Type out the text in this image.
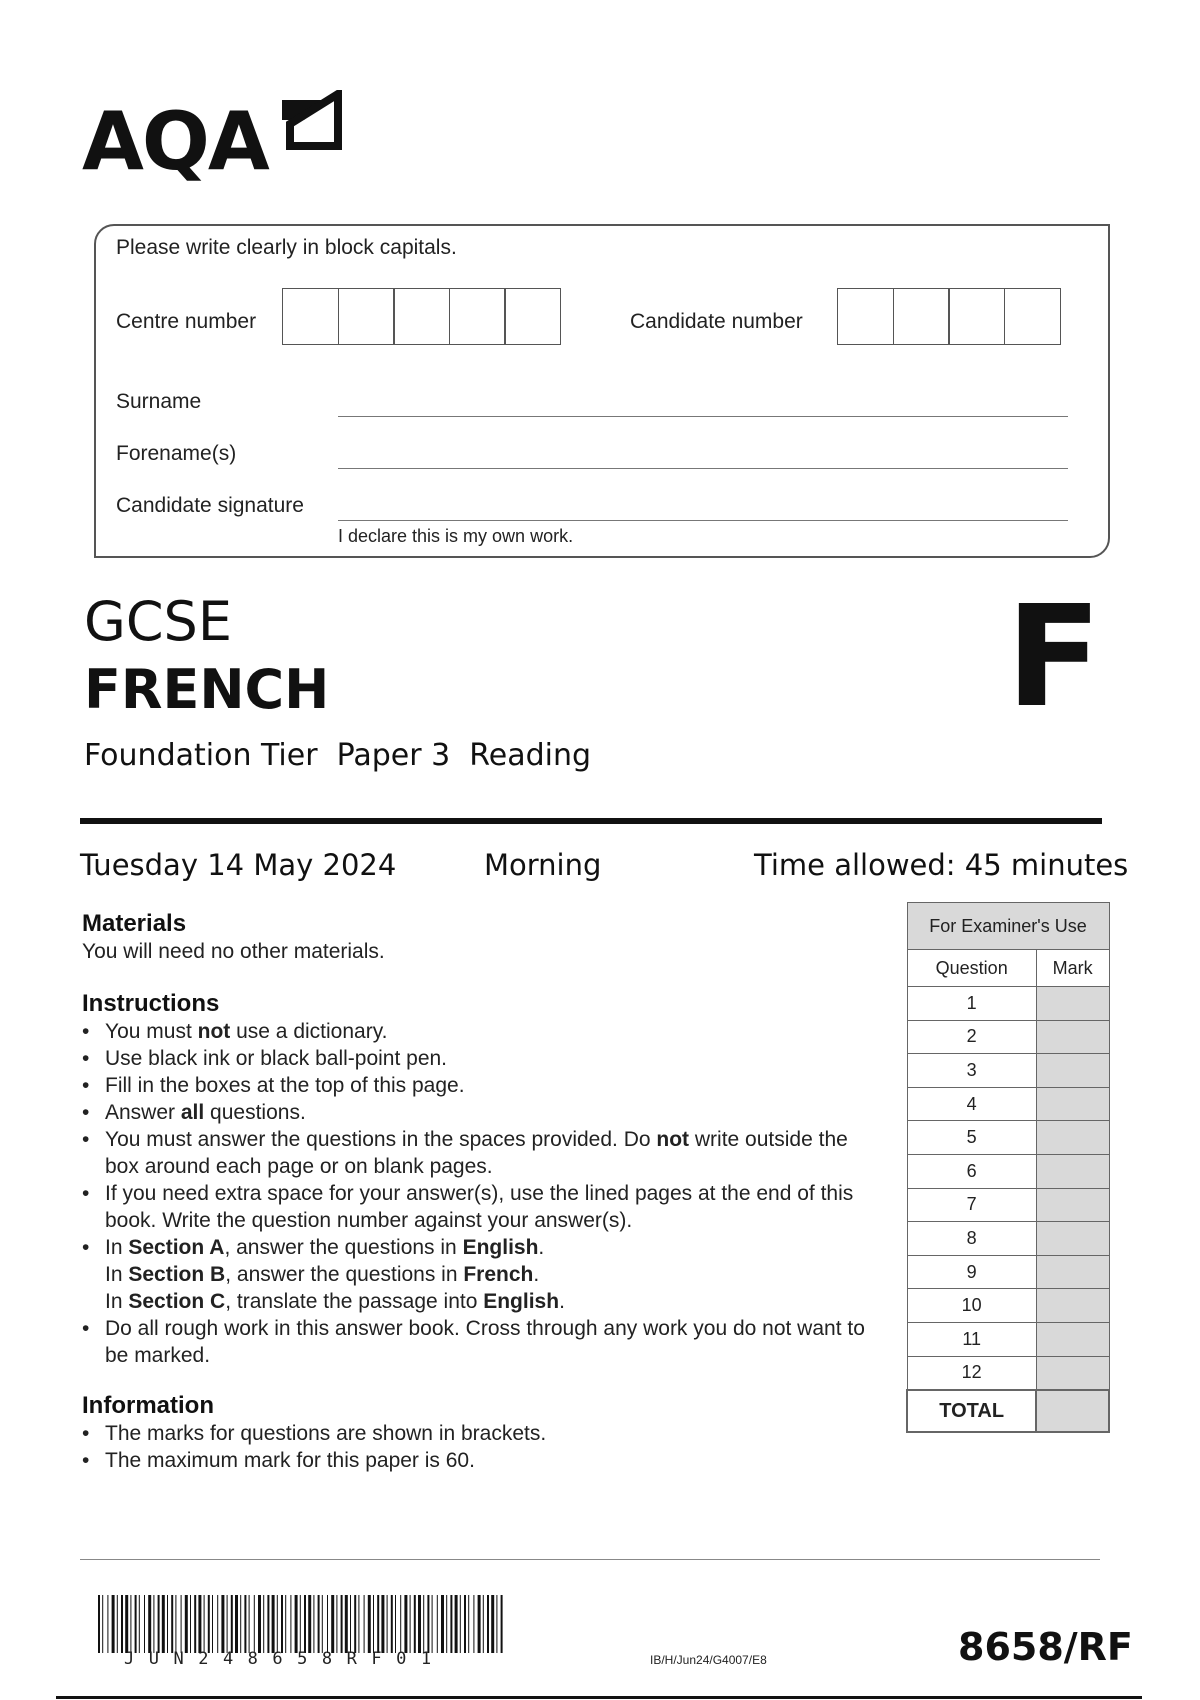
AQA
Please write clearly in block capitals.
Centre number	Candidate number
Surname
Forename(s)
Candidate signature
I declare this is my own work.
GCSE
FRENCH
Foundation Tier  Paper 3  Reading
F
Tuesday 14 May 2024	Morning	Time allowed: 45 minutes
Materials

You will need no other materials.

Instructions
• You must not use a dictionary.
• Use black ink or black ball-point pen.
• Fill in the boxes at the top of this page.
• Answer all questions.
• You must answer the questions in the spaces provided. Do not write outside the box around each page or on blank pages.
• If you need extra space for your answer(s), use the lined pages at the end of this book. Write the question number against your answer(s).
• In Section A, answer the questions in English.
In Section B, answer the questions in French.
In Section C, translate the passage into English.
• Do all rough work in this answer book. Cross through any work you do not want to be marked.
Information
• The marks for questions are shown in brackets.
• The maximum mark for this paper is 60.
For Examiner's Use	
Question	Mark
1	
2	
3	
4	
5	
6	
7	
8	
9	
10	
11	
12	
TOTAL	
JUN248658RF01	IB/H/Jun24/G4007/E8	8658/RF
